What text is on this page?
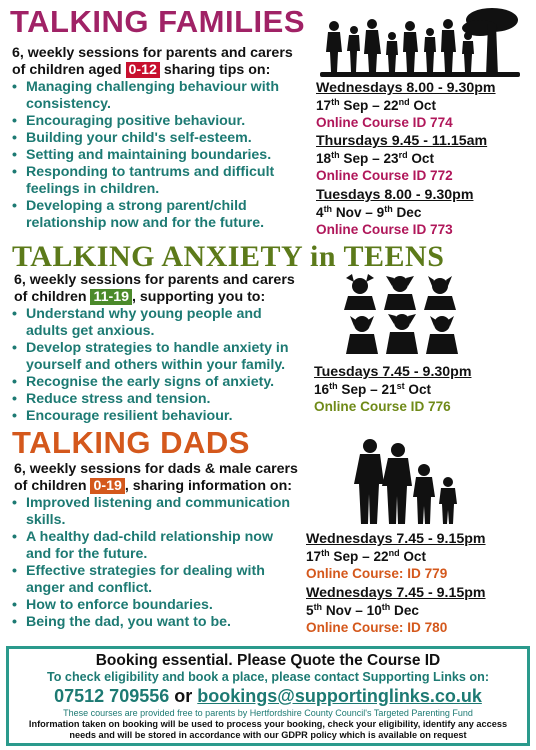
TALKING FAMILIES
6, weekly sessions for parents and carers
of children aged 0-12 sharing tips on:
• Managing challenging behaviour with consistency.
• Encouraging positive behaviour.
• Building your child's self-esteem.
• Setting and maintaining boundaries.
• Responding to tantrums and difficult feelings in children.
• Developing a strong parent/child relationship now and for the future.
Wednesdays 8.00 - 9.30pm
17th Sep – 22nd Oct
Online Course ID 774
Thursdays 9.45 - 11.15am
18th Sep – 23rd Oct
Online Course ID 772
Tuesdays 8.00 - 9.30pm
4th Nov – 9th Dec
Online Course ID 773
TALKING ANXIETY in TEENS
6, weekly sessions for parents and carers
of children 11-19 , supporting you to:
• Understand why young people and adults get anxious.
• Develop strategies to handle anxiety in yourself and others within your family.
• Recognise the early signs of anxiety.
• Reduce stress and tension.
• Encourage resilient behaviour.
Tuesdays 7.45 - 9.30pm
16th Sep – 21st Oct
Online Course ID 776
TALKING DADS
6, weekly sessions for dads & male carers
of children 0-19 , sharing information on:
• Improved listening and communication skills.
• A healthy dad-child relationship now and for the future.
• Effective strategies for dealing with anger and conflict.
• How to enforce boundaries.
• Being the dad, you want to be.
Wednesdays 7.45 - 9.15pm
17th Sep – 22nd Oct
Online Course: ID 779
Wednesdays 7.45 - 9.15pm
5th Nov – 10th Dec
Online Course: ID 780
Booking essential. Please Quote the Course ID
To check eligibility and book a place, please contact Supporting Links on:
07512 709556 or bookings@supportinglinks.co.uk
These courses are provided free to parents by Hertfordshire County Council's Targeted Parenting Fund
Information taken on booking will be used to process your booking, check your eligibility, identify any access needs and will be stored in accordance with our GDPR policy which is available on request
